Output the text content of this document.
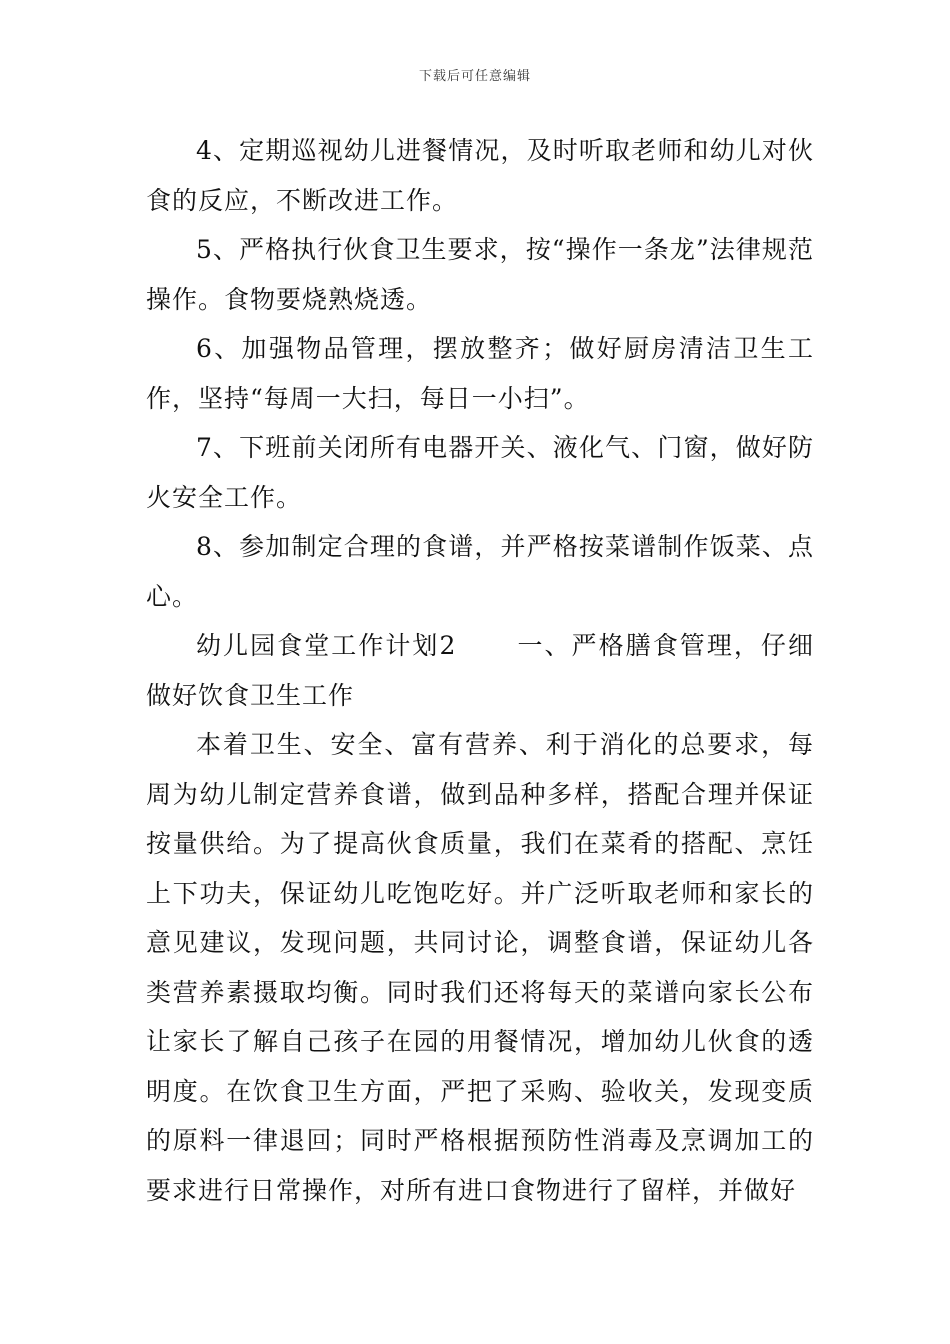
下载后可任意编辑

4、定期巡视幼儿进餐情况，及时听取老师和幼儿对伙食的反应，不断改进工作。

5、严格执行伙食卫生要求，按“操作一条龙”法律规范操作。食物要烧熟烧透。

6、加强物品管理，摆放整齐；做好厨房清洁卫生工作，坚持“每周一大扫，每日一小扫”。

7、下班前关闭所有电器开关、液化气、门窗，做好防火安全工作。

8、参加制定合理的食谱，并严格按菜谱制作饭菜、点心。

幼儿园食堂工作计划2 一、严格膳食管理，仔细做好饮食卫生工作

本着卫生、安全、富有营养、利于消化的总要求，每周为幼儿制定营养食谱，做到品种多样，搭配合理并保证按量供给。为了提高伙食质量，我们在菜肴的搭配、烹饪上下功夫，保证幼儿吃饱吃好。并广泛听取老师和家长的意见建议，发现问题，共同讨论，调整食谱，保证幼儿各类营养素摄取均衡。同时我们还将每天的菜谱向家长公布让家长了解自己孩子在园的用餐情况，增加幼儿伙食的透明度。在饮食卫生方面，严把了采购、验收关，发现变质的原料一律退回；同时严格根据预防性消毒及烹调加工的要求进行日常操作，对所有进口食物进行了留样，并做好
